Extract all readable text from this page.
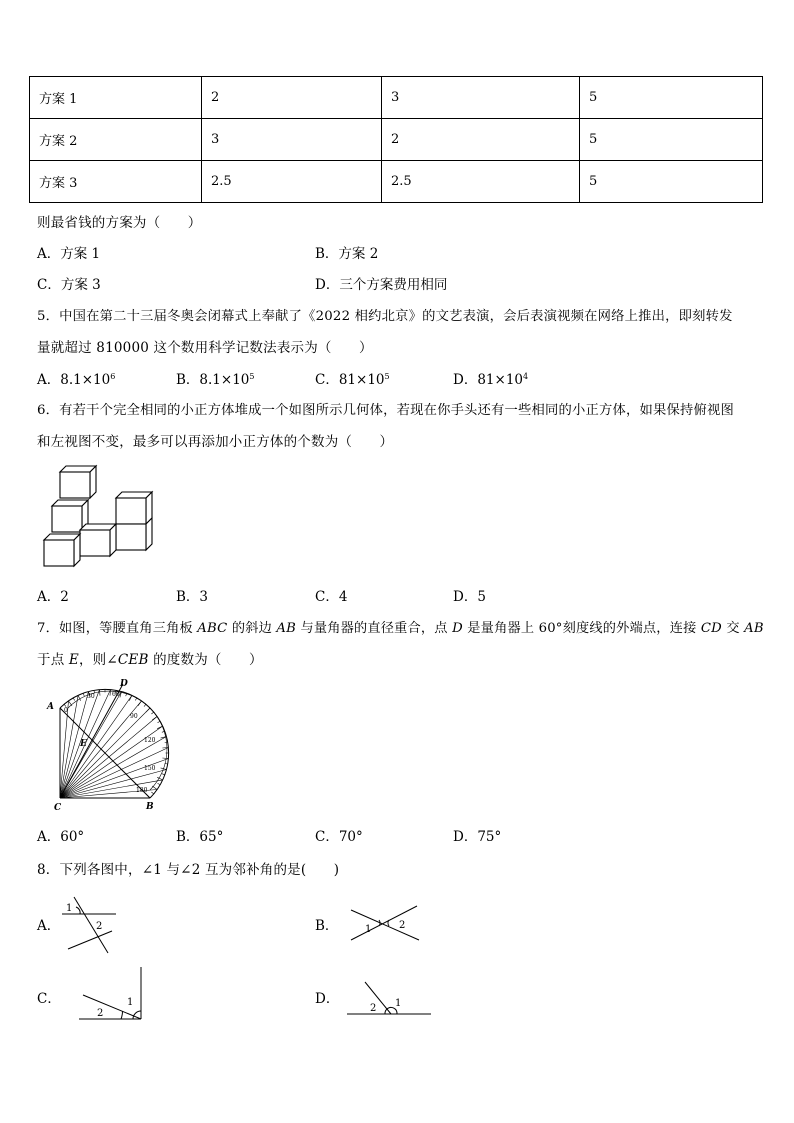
方案 1	2	3	5
方案 2	3	2	5
方案 3	2.5	2.5	5
则最省钱的方案为（　　）
A．方案 1	B．方案 2
C．方案 3	D．三个方案费用相同
5．中国在第二十三届冬奥会闭幕式上奉献了《2022 相约北京》的文艺表演，会后表演视频在网络上推出，即刻转发
量就超过 810000 这个数用科学记数法表示为（　　）
A．$8.1\times 10^6$	B．$8.1\times 10^5$	C．$81\times 10^5$	D．$81\times 10^4$
6．有若干个完全相同的小正方体堆成一个如图所示几何体，若现在你手头还有一些相同的小正方体，如果保持俯视图
和左视图不变，最多可以再添加小正方体的个数为（　　）
A．2	B．3	C．4	D．5
7．如图，等腰直角三角板 ABC 的斜边 AB 与量角器的直径重合，点 D 是量角器上 60°刻度线的外端点，连接 CD 交 AB
于点 E，则∠CEB 的度数为（　　）
0
30	60
90
120
150
180
A
B
C
D
E
A．60°	B．65°	C．70°	D．75°
8．下列各图中，∠1 与∠2 互为邻补角的是(　　)
A．
1
2	B．	1	2
C．	1
2
D．
2 1
